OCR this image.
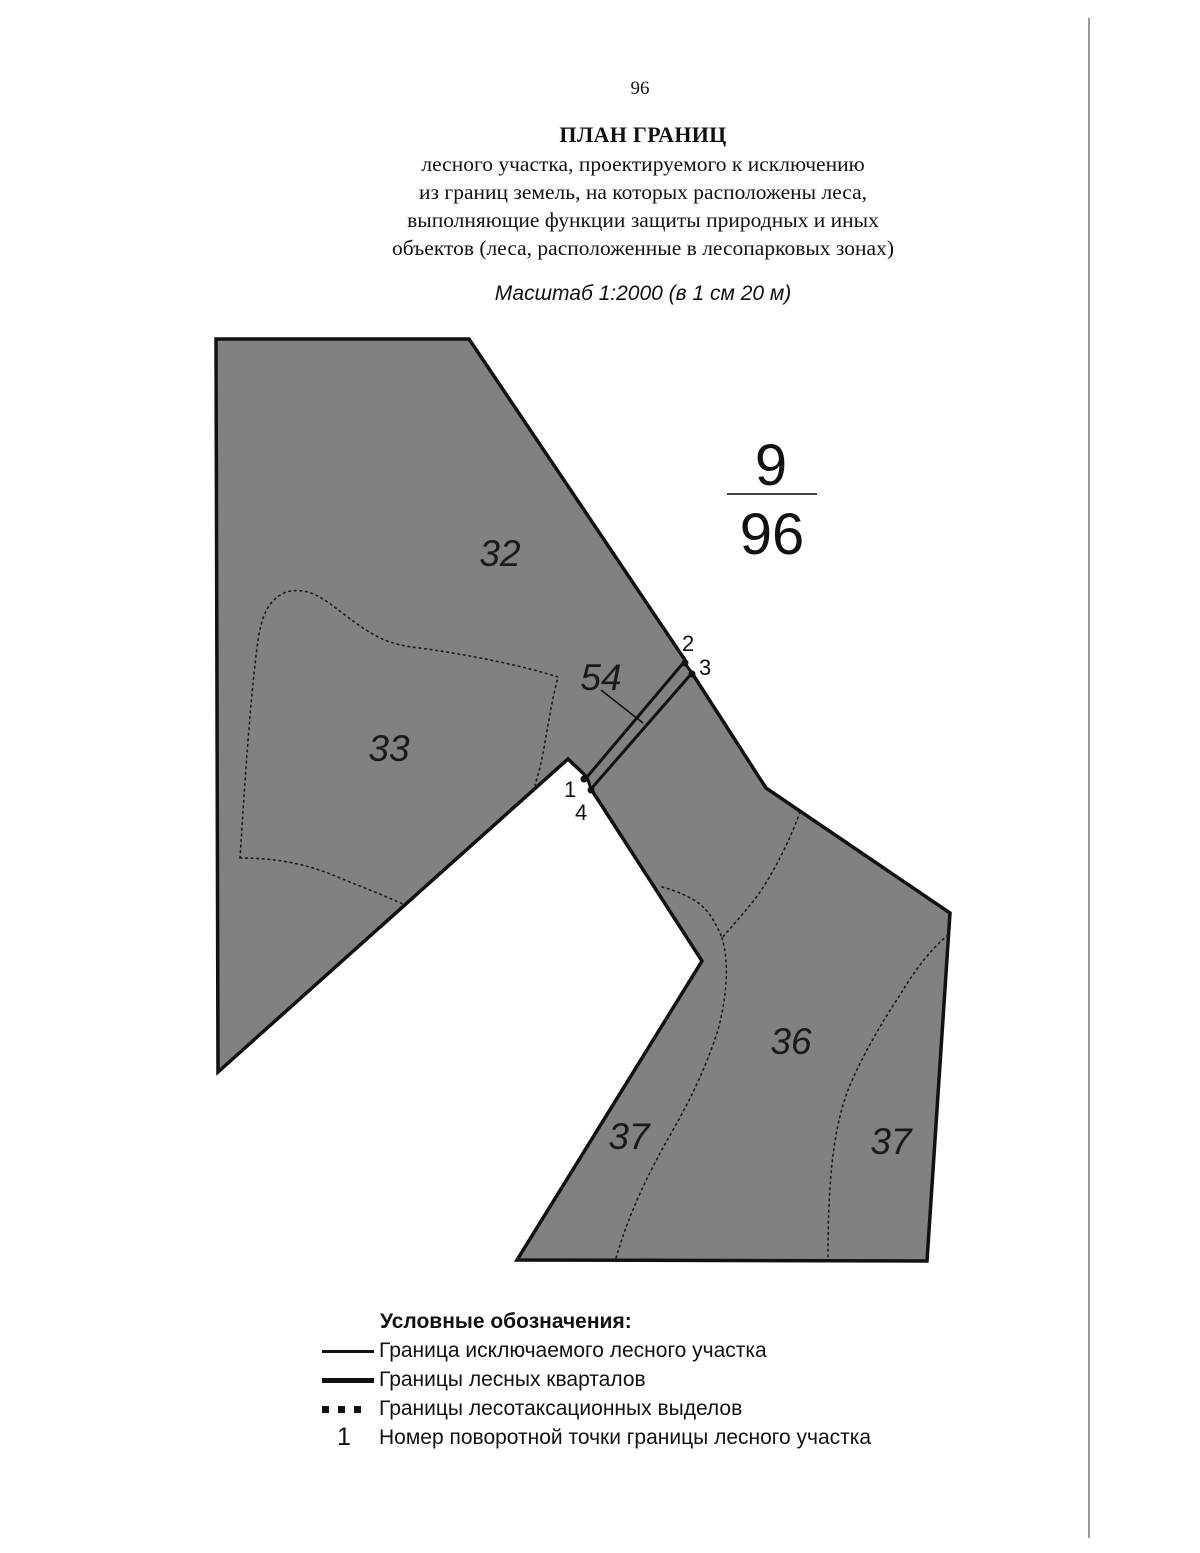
96
ПЛАН ГРАНИЦ
лесного участка, проектируемого к исключению
из границ земель, на которых расположены леса,
выполняющие функции защиты природных и иных
объектов (леса, расположенные в лесопарковых зонах)
Масштаб 1:2000 (в 1 см 20 м)
9
96
32
33
54
36
37	37
1
2
3
4
Условные обозначения:
Граница исключаемого лесного участка
Границы лесных кварталов
Границы лесотаксационных выделов
1	Номер поворотной точки границы лесного участка
